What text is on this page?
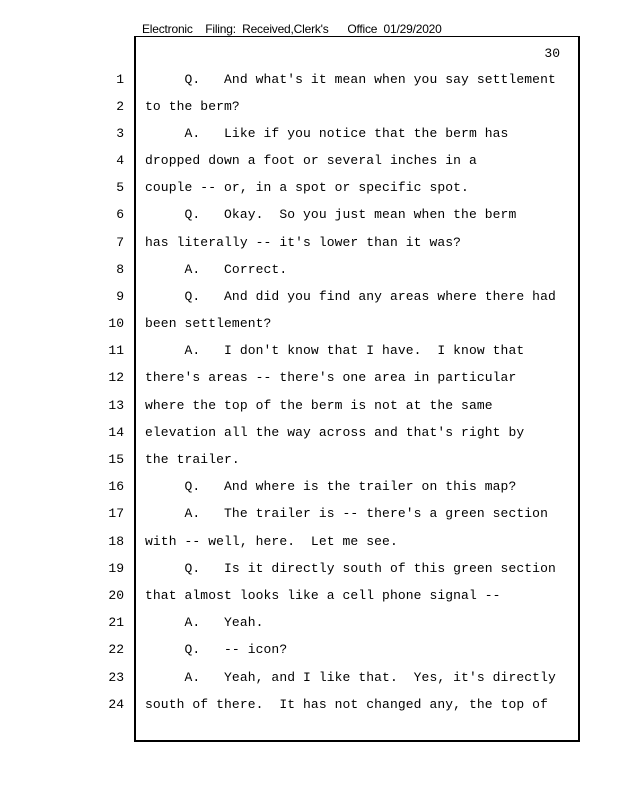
Electronic    Filing:  Received,Clerk's      Office  01/29/2020

30

1
2
3
4
5
6
7
8
9
10
11
12
13
14
15
16
17
18
19
20
21
22
23
24
Q.   And what's it mean when you say settlement
to the berm?
A.   Like if you notice that the berm has
dropped down a foot or several inches in a
couple -- or, in a spot or specific spot.
Q.   Okay.  So you just mean when the berm
has literally -- it's lower than it was?
A.   Correct.
Q.   And did you find any areas where there had
been settlement?
A.   I don't know that I have.  I know that
there's areas -- there's one area in particular
where the top of the berm is not at the same
elevation all the way across and that's right by
the trailer.
Q.   And where is the trailer on this map?
A.   The trailer is -- there's a green section
with -- well, here.  Let me see.
Q.   Is it directly south of this green section
that almost looks like a cell phone signal --
A.   Yeah.
Q.   -- icon?
A.   Yeah, and I like that.  Yes, it's directly
south of there.  It has not changed any, the top of
